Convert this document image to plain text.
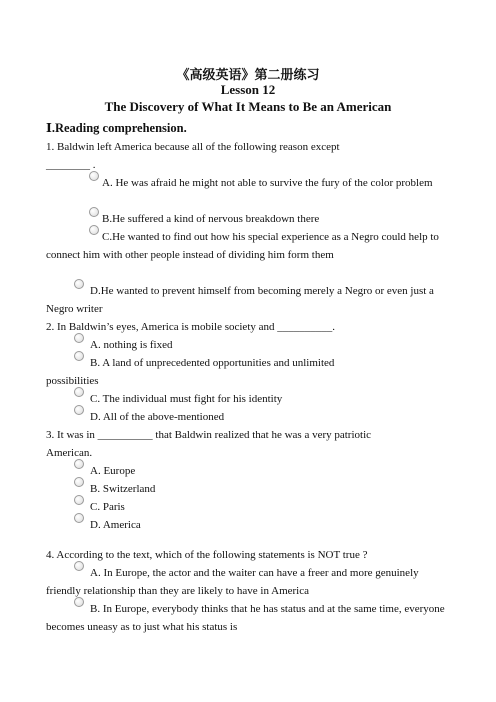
《高级英语》第二册练习
Lesson 12
The Discovery of What It Means to Be an American
Ⅰ.Reading comprehension.
1. Baldwin left America because all of the following reason except
________ .
A. He was afraid he might not able to survive the fury of the color problem
B.He suffered a kind of nervous breakdown there
C.He wanted to find out how his special experience as a Negro could help to connect him with other people instead of dividing him form them
D.He wanted to prevent himself from becoming merely a Negro or even just a Negro writer
2. In Baldwin’s eyes, America is mobile society and __________.
A. nothing is fixed
B. A land of unprecedented opportunities and unlimited possibilities
C. The individual must fight for his identity
D. All of the above-mentioned
3. It was in __________ that Baldwin realized that he was a very patriotic
American.
A. Europe
B. Switzerland
C. Paris
D. America
4. According to the text, which of the following statements is NOT true ?
A. In Europe, the actor and the waiter can have a freer and more genuinely friendly relationship than they are likely to have in America
B. In Europe, everybody thinks that he has status and at the same time, everyone becomes uneasy as to just what his status is
